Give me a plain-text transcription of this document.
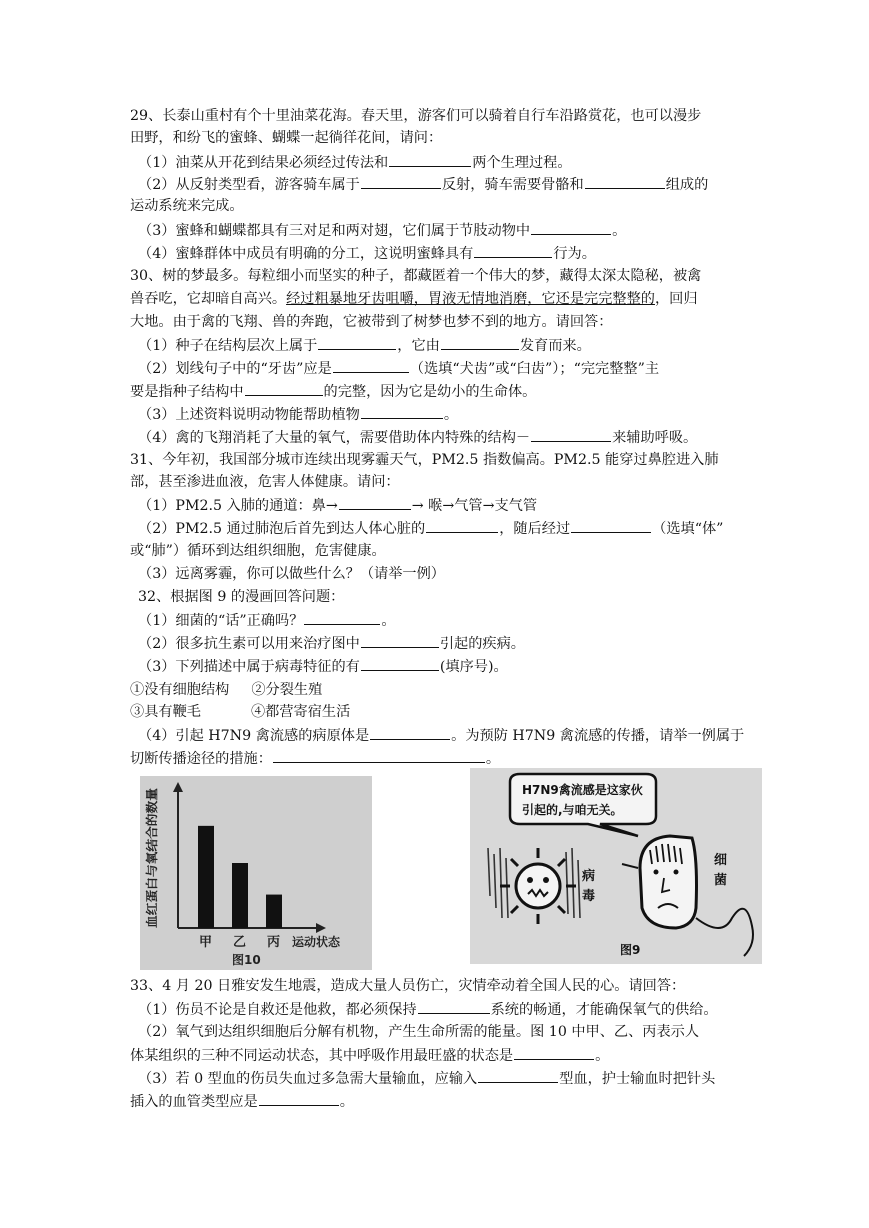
29、长泰山重村有个十里油菜花海。春天里，游客们可以骑着自行车沿路赏花，也可以漫步
田野，和纷飞的蜜蜂、蝴蝶一起徜徉花间，请问：
（1）油菜从开花到结果必须经过传法和	两个生理过程。
（2）从反射类型看，游客骑车属于	反射，骑车需要骨骼和	组成的
运动系统来完成。
（3）蜜蜂和蝴蝶都具有三对足和两对翅，它们属于节肢动物中	。
（4）蜜蜂群体中成员有明确的分工，这说明蜜蜂具有	行为。
30、树的梦最多。每粒细小而坚实的种子，都藏匿着一个伟大的梦，藏得太深太隐秘，被禽
兽吞吃，它却暗自高兴。经过粗暴地牙齿咀嚼，胃液无情地消磨，它还是完完整整的，回归
大地。由于禽的飞翔、兽的奔跑，它被带到了树梦也梦不到的地方。请回答：
（1）种子在结构层次上属于	，它由	发育而来。
（2）划线句子中的“牙齿”应是	（选填“犬齿”或“臼齿”）；“完完整整”主
要是指种子结构中	的完整，因为它是幼小的生命体。
（3）上述资料说明动物能帮助植物	。
（4）禽的飞翔消耗了大量的氧气，需要借助体内特殊的结构－	来辅助呼吸。
31、今年初，我国部分城市连续出现雾霾天气，PM2.5 指数偏高。PM2.5 能穿过鼻腔进入肺
部，甚至渗进血液，危害人体健康。请问：
（1）PM2.5 入肺的通道：鼻→	→ 喉→气管→支气管
（2）PM2.5 通过肺泡后首先到达人体心脏的	，随后经过	（选填“体”
或“肺”）循环到达组织细胞，危害健康。
（3）远离雾霾，你可以做些什么？（请举一例）
32、根据图 9 的漫画回答问题：
（1）细菌的“话”正确吗？	。
（2）很多抗生素可以用来治疗图中	引起的疾病。
（3）下列描述中属于病毒特征的有	(填序号)。
①没有细胞结构 ②分裂生殖
③具有鞭毛	④都营寄宿生活
（4）引起 H7N9 禽流感的病原体是	。为预防 H7N9 禽流感的传播，请举一例属于
切断传播途径的措施：	。
血红蛋白与氧结合的数量
甲 乙 丙 运动状态
图10
H7N9禽流感是这家伙
引起的,与咱无关。
病
毒
细
菌
图9
33、4 月 20 日雅安发生地震，造成大量人员伤亡，灾情牵动着全国人民的心。请回答：
（1）伤员不论是自救还是他救，都必须保持	系统的畅通，才能确保氧气的供给。
（2）氧气到达组织细胞后分解有机物，产生生命所需的能量。图 10 中甲、乙、丙表示人
体某组织的三种不同运动状态，其中呼吸作用最旺盛的状态是	。
（3）若 0 型血的伤员失血过多急需大量输血，应输入	型血，护士输血时把针头
插入的血管类型应是	。
